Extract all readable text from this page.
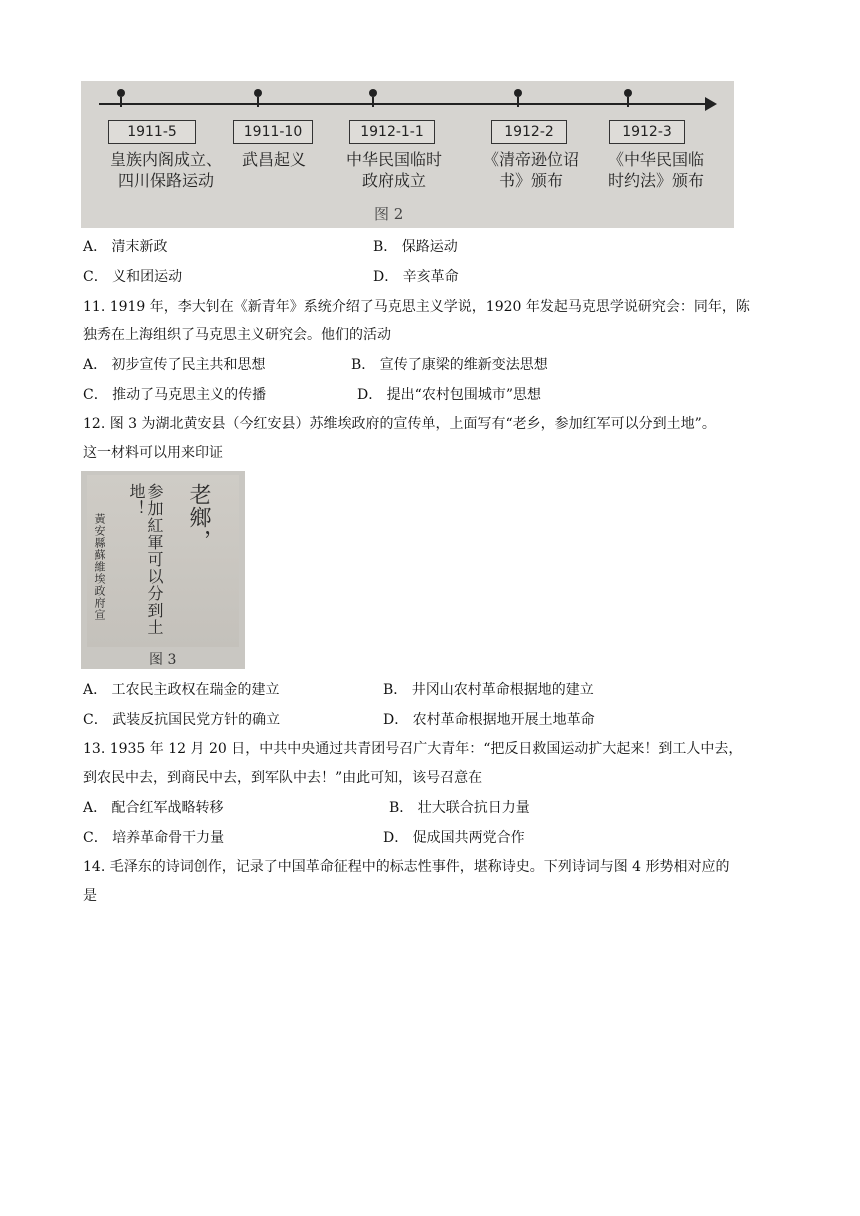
1911-5	1911-10	1912-1-1	1912-2	1912-3
皇族内阁成立、
四川保路运动
武昌起义	中华民国临时
政府成立
《清帝逊位诏
书》颁布
《中华民国临
时约法》颁布
图 2
A． 清末新政	B． 保路运动
C． 义和团运动	D． 辛亥革命
11. 1919 年，李大钊在《新青年》系统介绍了马克思主义学说，1920 年发起马克思学说研究会：同年，陈
独秀在上海组织了马克思主义研究会。他们的活动
A． 初步宣传了民主共和思想	B． 宣传了康梁的维新变法思想
C． 推动了马克思主义的传播	D． 提出“农村包围城市”思想
12. 图 3 为湖北黄安县（今红安县）苏维埃政府的宣传单，上面写有“老乡，参加红军可以分到土地”。
这一材料可以用来印证
老鄉，
参加紅軍可以分到土地！
黃安縣蘇維埃政府宣
图 3
A． 工农民主政权在瑞金的建立	B． 井冈山农村革命根据地的建立
C． 武装反抗国民党方针的确立	D． 农村革命根据地开展土地革命
13. 1935 年 12 月 20 日，中共中央通过共青团号召广大青年：“把反日救国运动扩大起来！到工人中去，
到农民中去，到商民中去，到军队中去！”由此可知，该号召意在
A． 配合红军战略转移	B． 壮大联合抗日力量
C． 培养革命骨干力量	D． 促成国共两党合作
14. 毛泽东的诗词创作，记录了中国革命征程中的标志性事件，堪称诗史。下列诗词与图 4 形势相对应的
是
